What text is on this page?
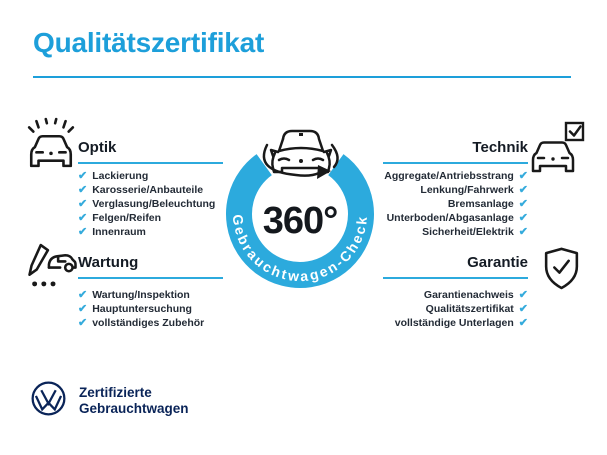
Qualitätszertifikat
Optik
✔ Lackierung
✔ Karosserie/Anbauteile
✔ Verglasung/Beleuchtung
✔ Felgen/Reifen
✔ Innenraum
Technik
✔
Aggregate/Antriebsstrang
✔
Lenkung/Fahrwerk
✔
Bremsanlage
✔
Unterboden/Abgasanlage
✔
Sicherheit/Elektrik
Wartung
✔ Wartung/Inspektion
✔ Hauptuntersuchung
✔ vollständiges Zubehör
Garantie
✔
Garantienachweis
✔
Qualitätszertifikat
✔
vollständige Unterlagen
360°
Gebrauchtwagen-Check
Zertifizierte
Gebrauchtwagen
